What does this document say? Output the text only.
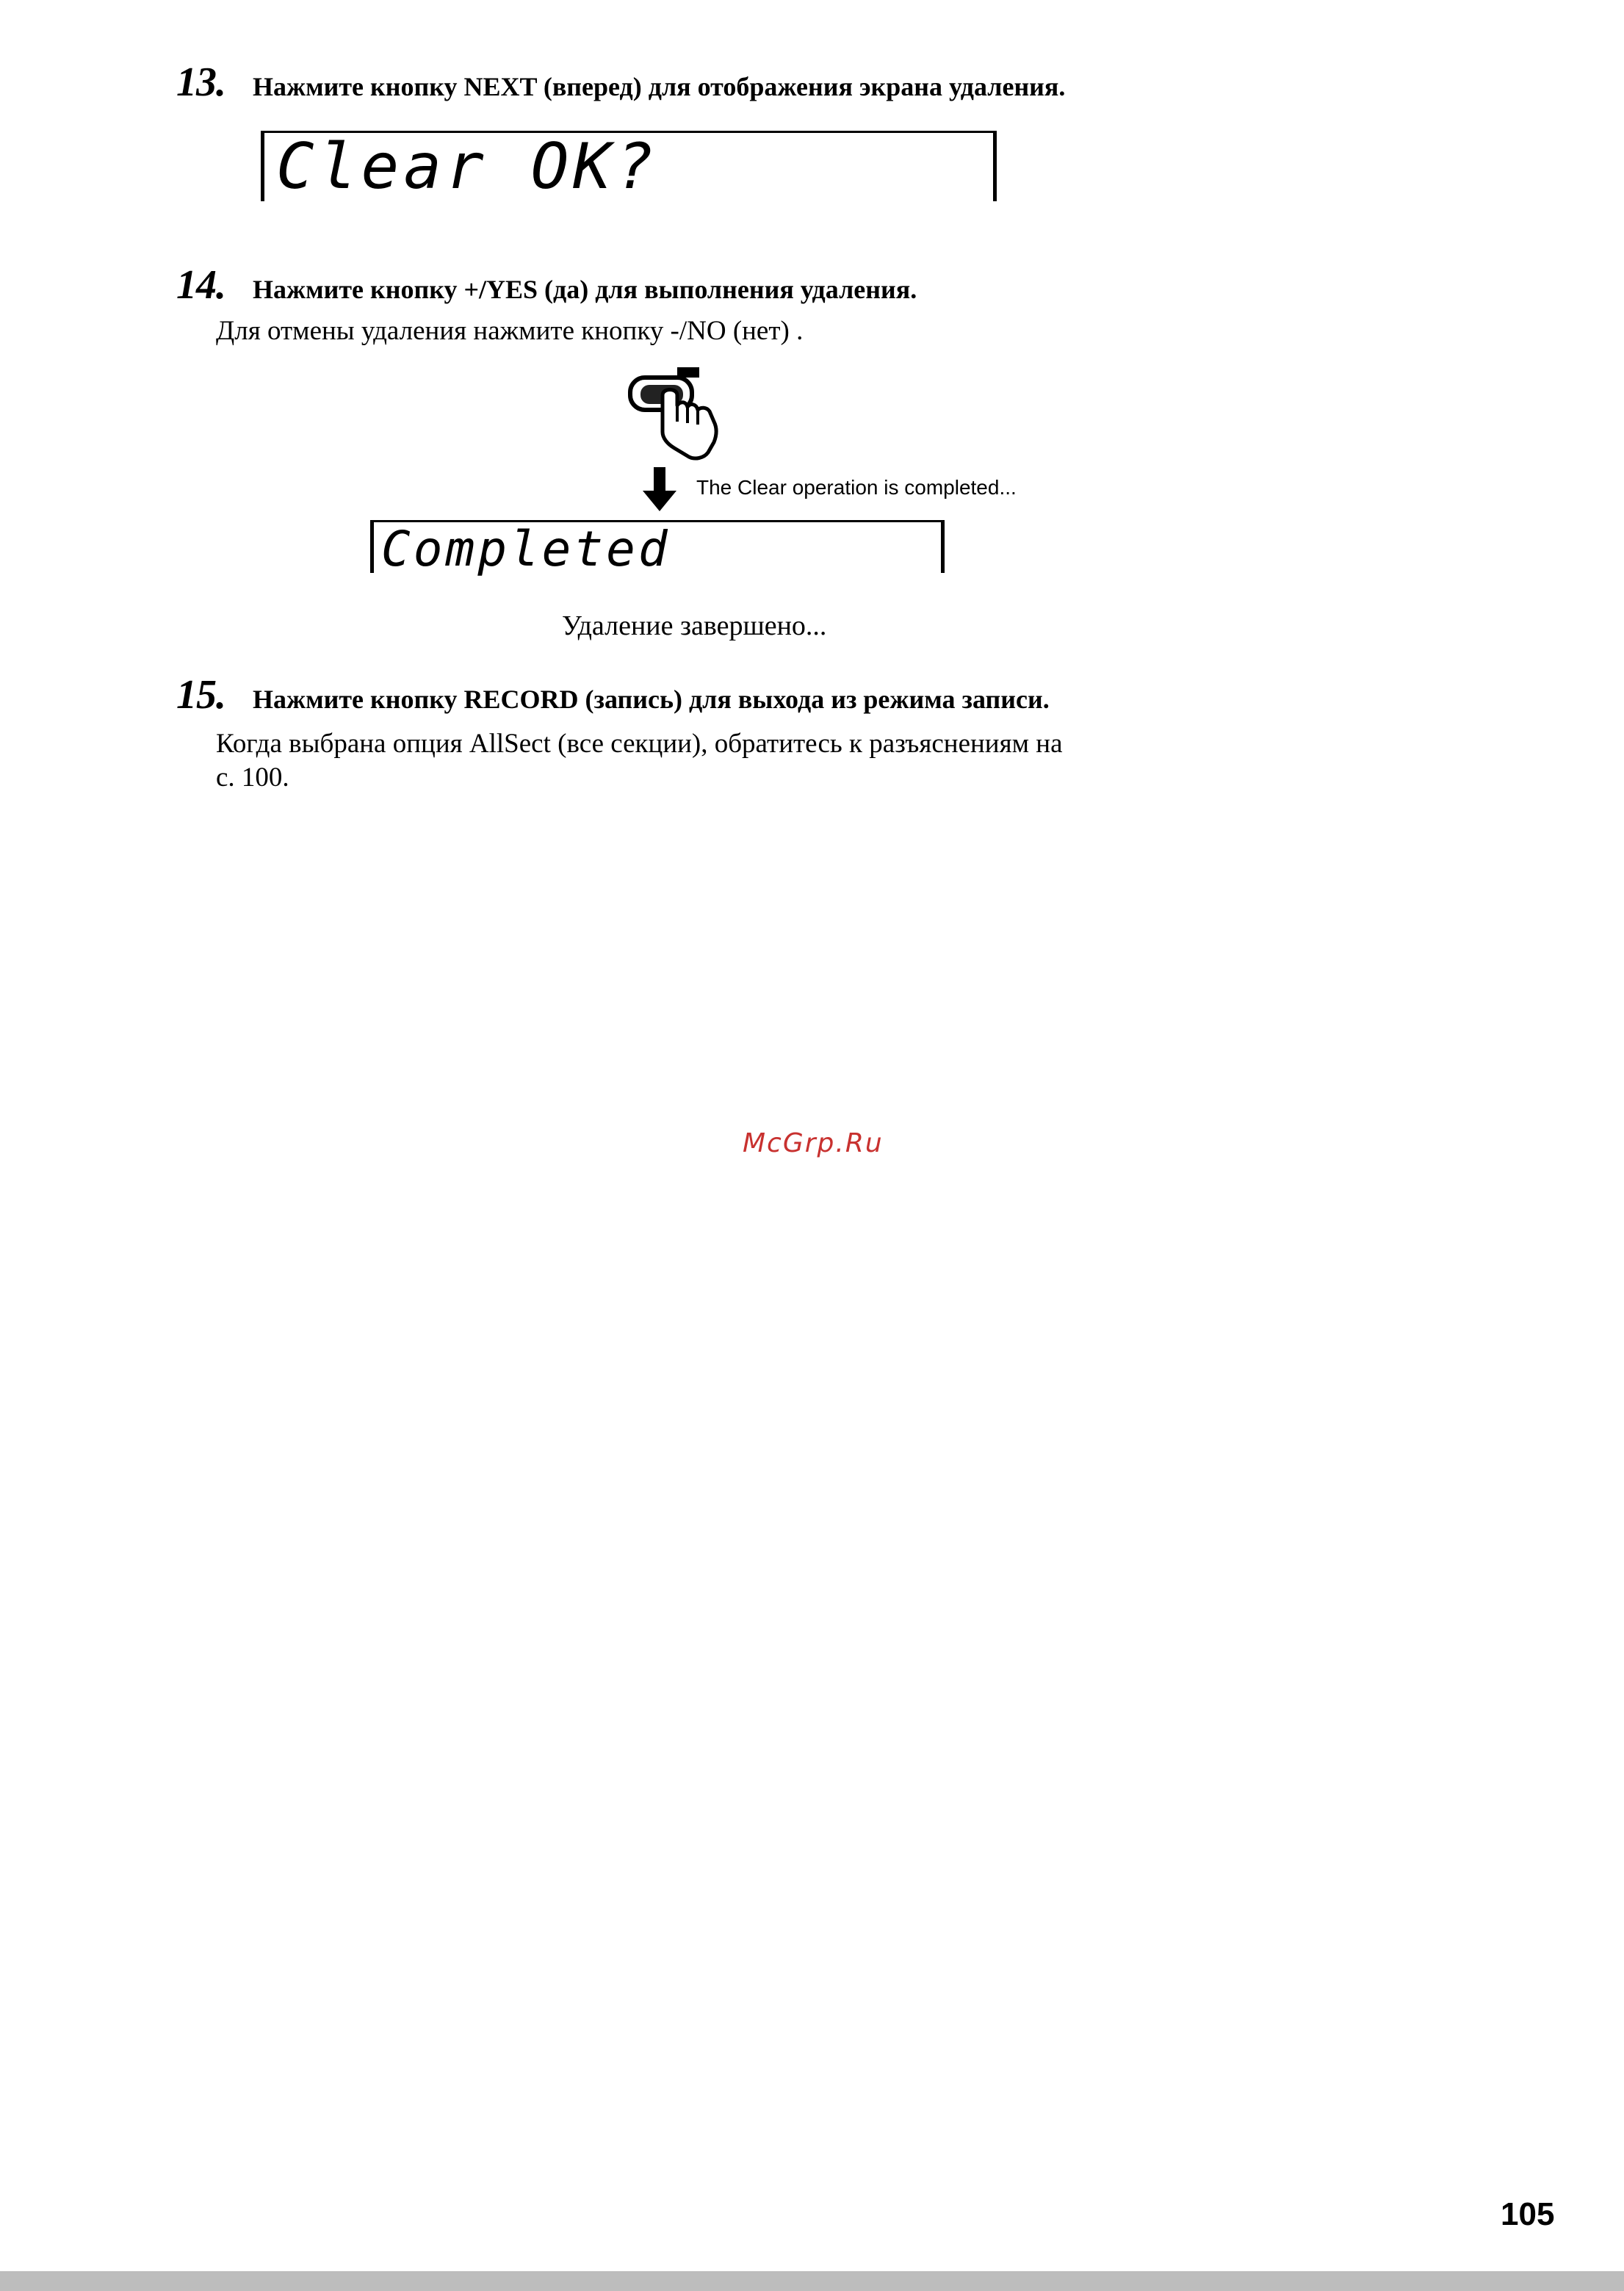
13. Нажмите кнопку NEXT (вперед) для отображения экрана удаления.
Clear OK?
14. Нажмите кнопку +/YES (да) для выполнения удаления.
Для отмены удаления нажмите кнопку -/NO (нет) .
The Clear operation is completed...
Completed
Удаление завершено...
15. Нажмите кнопку RECORD (запись) для выхода из режима записи.
Когда выбрана опция AllSect (все секции), обратитесь к разъяснениям на
с. 100.
McGrp.Ru
105
